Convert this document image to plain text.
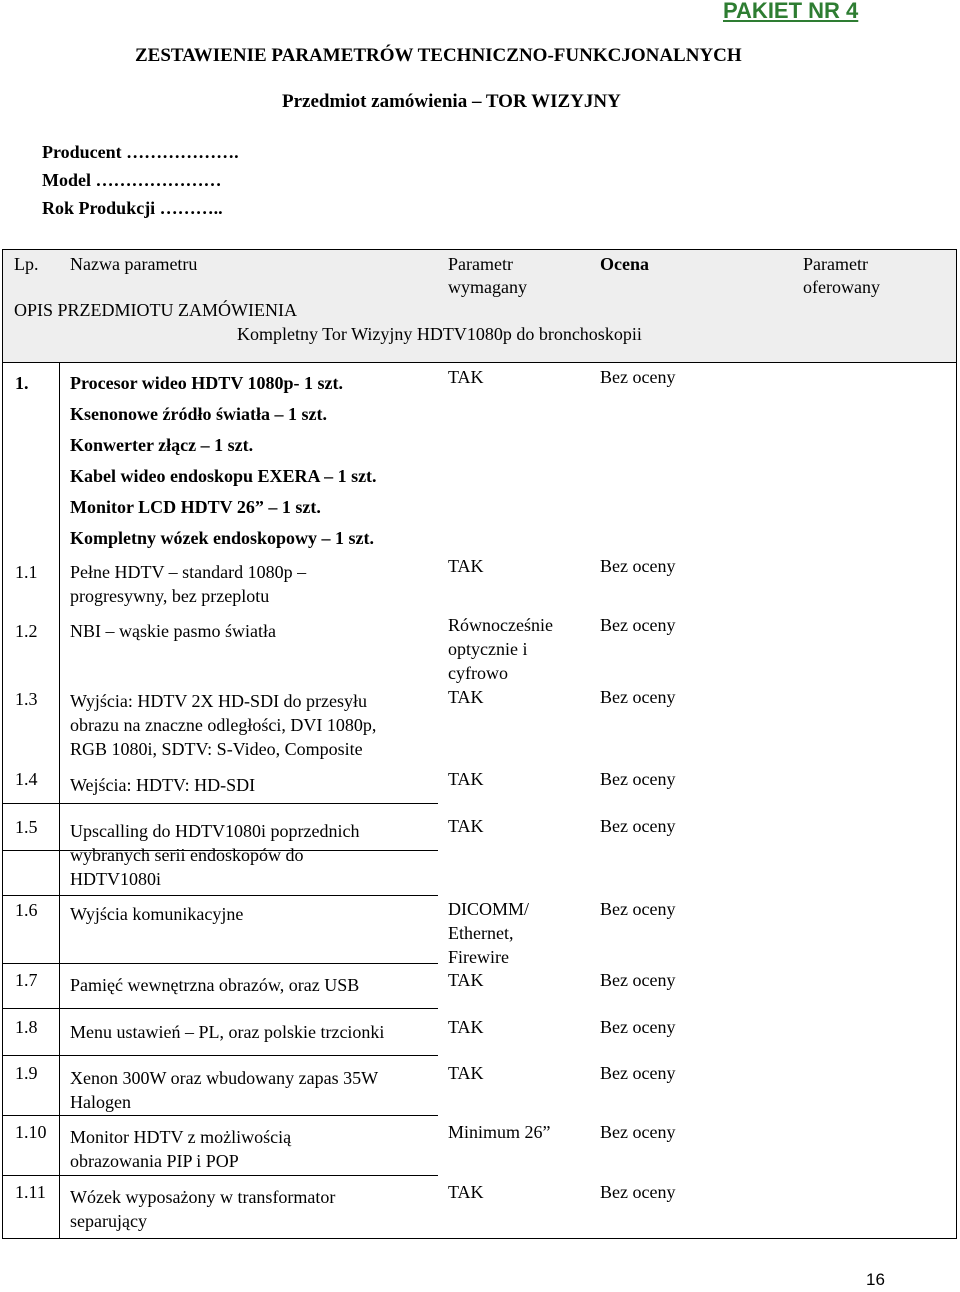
PAKIET NR 4
ZESTAWIENIE PARAMETRÓW TECHNICZNO-FUNKCJONALNYCH
Przedmiot zamówienia – TOR WIZYJNY
Producent ……………….
Model …………………
Rok Produkcji ………..
Lp. Nazwa parametru	Parametr
wymagany
Ocena	Parametr
oferowany
OPIS PRZEDMIOTU ZAMÓWIENIA
Kompletny Tor Wizyjny HDTV1080p do bronchoskopii
1. Procesor wideo HDTV 1080p- 1 szt.
Ksenonowe źródło światła – 1 szt.
Konwerter złącz – 1 szt.
Kabel wideo endoskopu EXERA – 1 szt.
Monitor LCD HDTV 26” – 1 szt.
Kompletny wózek endoskopowy – 1 szt.
TAK	Bez oceny
1.1 Pełne HDTV – standard 1080p –
progresywny, bez przeplotu
TAK	Bez oceny
1.2 NBI – wąskie pasmo światła	Równocześnie
optycznie i
cyfrowo
Bez oceny
1.3 Wyjścia: HDTV 2X HD-SDI do przesyłu
obrazu na znaczne odległości, DVI 1080p,
RGB 1080i, SDTV: S-Video, Composite
TAK	Bez oceny
1.4 Wejścia: HDTV: HD-SDI	TAK	Bez oceny
1.5 Upscalling do HDTV1080i poprzednich
wybranych serii endoskopów do
HDTV1080i
TAK	Bez oceny
1.6 Wyjścia komunikacyjne	DICOMM/
Ethernet,
Firewire
Bez oceny
1.7 Pamięć wewnętrzna obrazów, oraz USB	TAK	Bez oceny
1.8 Menu ustawień – PL, oraz polskie trzcionki	TAK	Bez oceny
1.9 Xenon 300W oraz wbudowany zapas 35W
Halogen
TAK	Bez oceny
1.10 Monitor HDTV z możliwością
obrazowania PIP i POP
Minimum 26”	Bez oceny
1.11 Wózek wyposażony w transformator
separujący
TAK	Bez oceny
16
